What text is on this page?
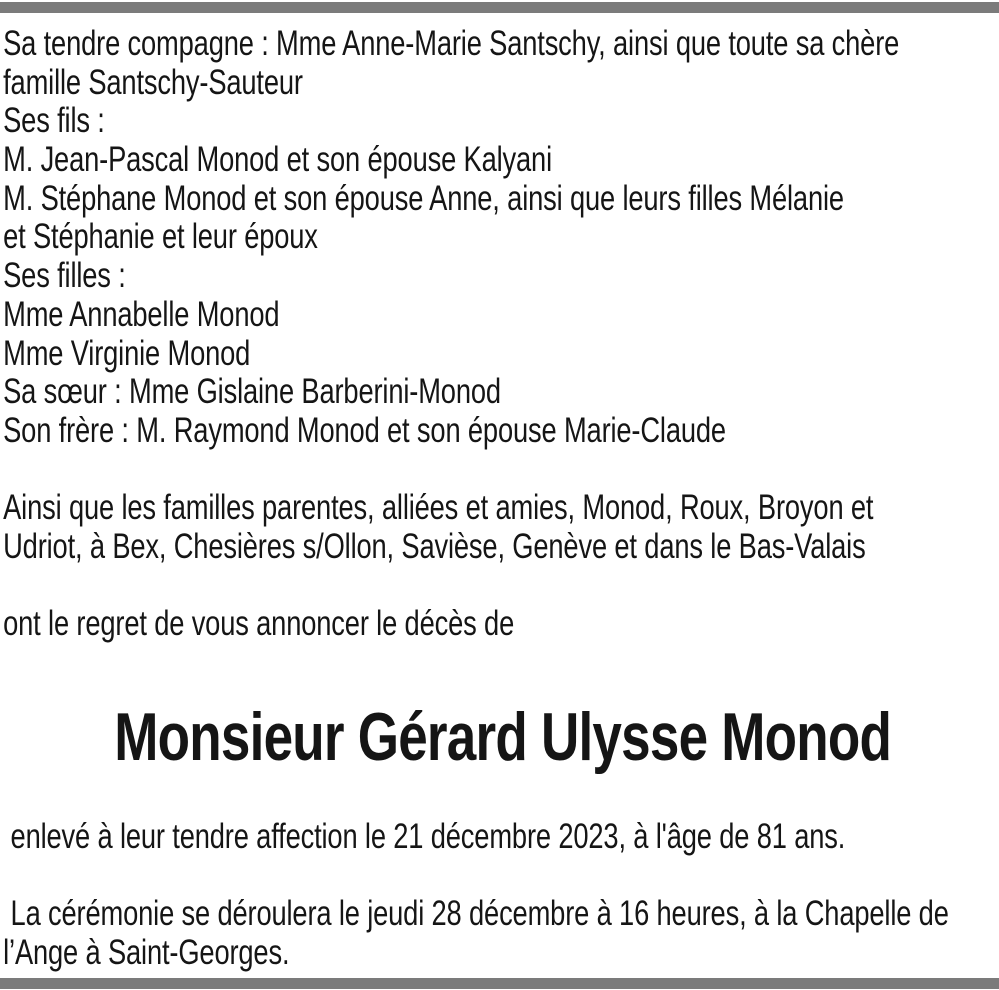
Sa tendre compagne : Mme Anne-Marie Santschy, ainsi que toute sa chère
famille Santschy-Sauteur
Ses fils :
M. Jean-Pascal Monod et son épouse Kalyani
M. Stéphane Monod et son épouse Anne, ainsi que leurs filles Mélanie
et Stéphanie et leur époux
Ses filles :
Mme Annabelle Monod
Mme Virginie Monod
Sa sœur : Mme Gislaine Barberini-Monod
Son frère : M. Raymond Monod et son épouse Marie-Claude
Ainsi que les familles parentes, alliées et amies, Monod, Roux, Broyon et
Udriot, à Bex, Chesières s/Ollon, Savièse, Genève et dans le Bas-Valais
ont le regret de vous annoncer le décès de
Monsieur Gérard Ulysse Monod
enlevé à leur tendre affection le 21 décembre 2023, à l'âge de 81 ans.
La cérémonie se déroulera le jeudi 28 décembre à 16 heures, à la Chapelle de
l’Ange à Saint-Georges.
